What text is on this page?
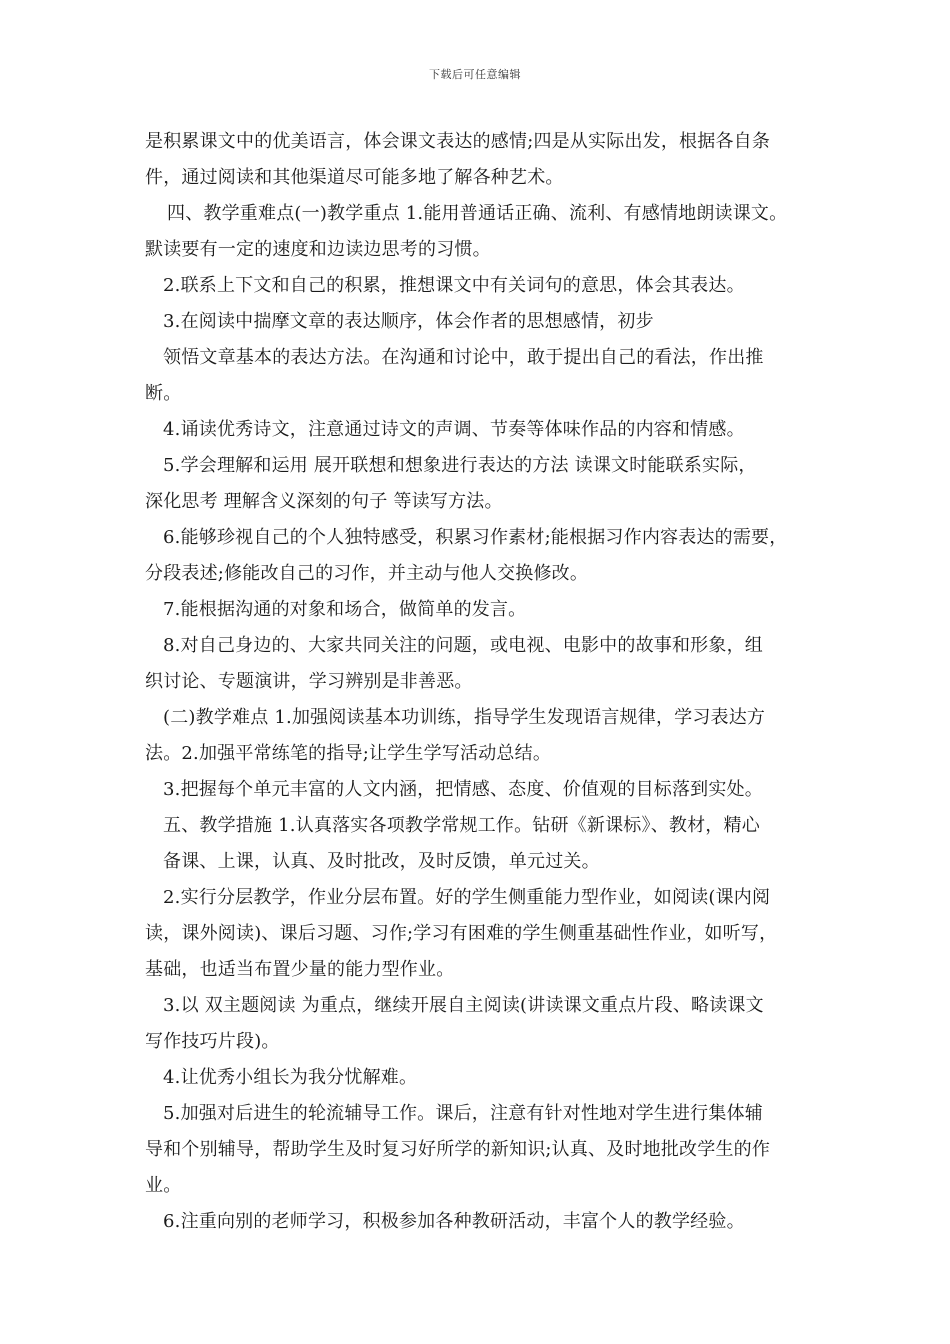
下载后可任意编辑
是积累课文中的优美语言，体会课文表达的感情;四是从实际出发，根据各自条
件，通过阅读和其他渠道尽可能多地了解各种艺术。
四、教学重难点(一)教学重点 1.能用普通话正确、流利、有感情地朗读课文。
默读要有一定的速度和边读边思考的习惯。
2.联系上下文和自己的积累，推想课文中有关词句的意思，体会其表达。
3.在阅读中揣摩文章的表达顺序，体会作者的思想感情，初步
领悟文章基本的表达方法。在沟通和讨论中，敢于提出自己的看法，作出推
断。
4.诵读优秀诗文，注意通过诗文的声调、节奏等体味作品的内容和情感。
5.学会理解和运用 展开联想和想象进行表达的方法 读课文时能联系实际，
深化思考 理解含义深刻的句子 等读写方法。
6.能够珍视自己的个人独特感受，积累习作素材;能根据习作内容表达的需要，
分段表述;修能改自己的习作，并主动与他人交换修改。
7.能根据沟通的对象和场合，做简单的发言。
8.对自己身边的、大家共同关注的问题，或电视、电影中的故事和形象，组
织讨论、专题演讲，学习辨别是非善恶。
(二)教学难点 1.加强阅读基本功训练，指导学生发现语言规律，学习表达方
法。2.加强平常练笔的指导;让学生学写活动总结。
3.把握每个单元丰富的人文内涵，把情感、态度、价值观的目标落到实处。
五、教学措施 1.认真落实各项教学常规工作。钻研《新课标》、教材，精心
备课、上课，认真、及时批改，及时反馈，单元过关。
2.实行分层教学，作业分层布置。好的学生侧重能力型作业，如阅读(课内阅
读，课外阅读)、课后习题、习作;学习有困难的学生侧重基础性作业，如听写，
基础，也适当布置少量的能力型作业。
3.以 双主题阅读 为重点，继续开展自主阅读(讲读课文重点片段、略读课文
写作技巧片段)。
4.让优秀小组长为我分忧解难。
5.加强对后进生的轮流辅导工作。课后，注意有针对性地对学生进行集体辅
导和个别辅导，帮助学生及时复习好所学的新知识;认真、及时地批改学生的作
业。
6.注重向别的老师学习，积极参加各种教研活动，丰富个人的教学经验。
